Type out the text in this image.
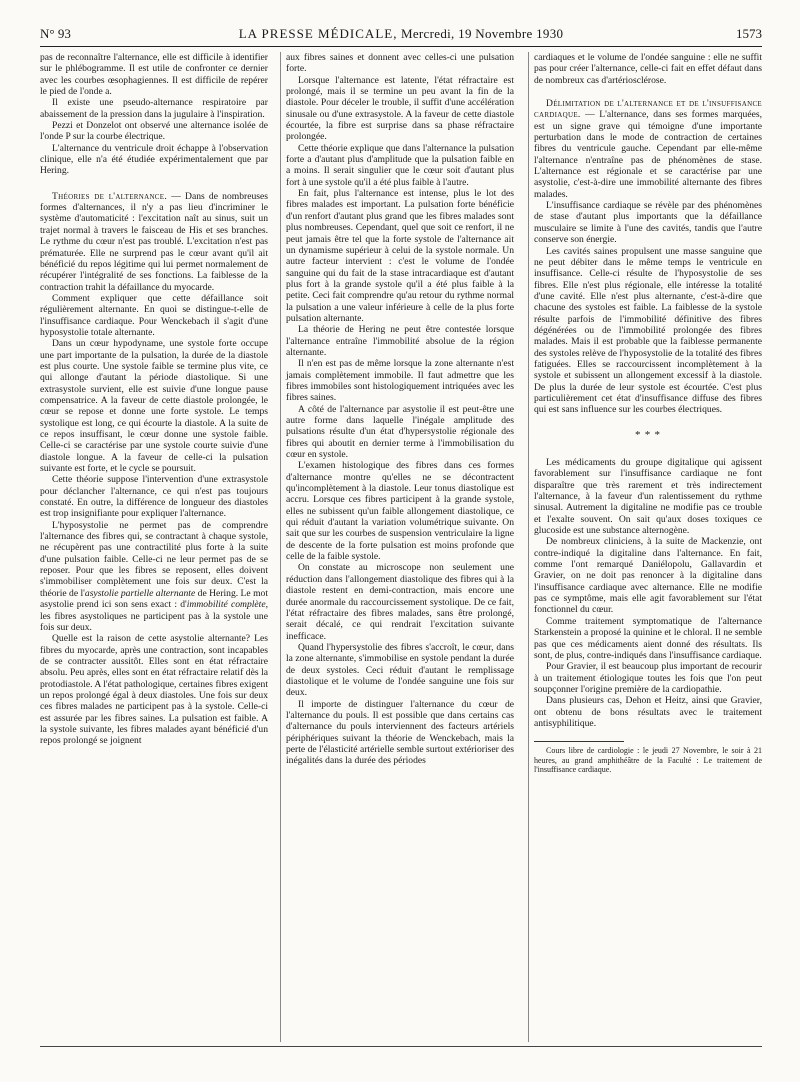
N° 93	LA PRESSE MÉDICALE, Mercredi, 19 Novembre 1930	1573

pas de reconnaître l'alternance, elle est difficile à identifier sur le phlébogramme. Il est utile de confronter ce dernier avec les courbes œsophagiennes. Il est difficile de repérer le pied de l'onde a.

Il existe une pseudo-alternance respiratoire par abaissement de la pression dans la jugulaire à l'inspiration.

Pezzi et Donzelot ont observé une alternance isolée de l'onde P sur la courbe électrique.

L'alternance du ventricule droit échappe à l'observation clinique, elle n'a été étudiée expérimentalement que par Hering.

Théories de l'alternance. — Dans de nombreuses formes d'alternances, il n'y a pas lieu d'incriminer le système d'automaticité : l'excitation naît au sinus, suit un trajet normal à travers le faisceau de His et ses branches. Le rythme du cœur n'est pas troublé. L'excitation n'est pas prématurée. Elle ne surprend pas le cœur avant qu'il ait bénéficié du repos légitime qui lui permet normalement de récupérer l'intégralité de ses fonctions. La faiblesse de la contraction trahit la défaillance du myocarde.

Comment expliquer que cette défaillance soit régulièrement alternante. En quoi se distingue-t-elle de l'insuffisance cardiaque. Pour Wenckebach il s'agit d'une hyposystolie totale alternante.

Dans un cœur hypodyname, une systole forte occupe une part importante de la pulsation, la durée de la diastole est plus courte. Une systole faible se termine plus vite, ce qui allonge d'autant la période diastolique. Si une extrasystole survient, elle est suivie d'une longue pause compensatrice. A la faveur de cette diastole prolongée, le cœur se repose et donne une forte systole. Le temps systolique est long, ce qui écourte la diastole. A la suite de ce repos insuffisant, le cœur donne une systole faible. Celle-ci se caractérise par une systole courte suivie d'une diastole longue. A la faveur de celle-ci la pulsation suivante est forte, et le cycle se poursuit.

Cette théorie suppose l'intervention d'une extrasystole pour déclancher l'alternance, ce qui n'est pas toujours constaté. En outre, la différence de longueur des diastoles est trop insignifiante pour expliquer l'alternance.

L'hyposystolie ne permet pas de comprendre l'alternance des fibres qui, se contractant à chaque systole, ne récupèrent pas une contractilité plus forte à la suite d'une pulsation faible. Celle-ci ne leur permet pas de se reposer. Pour que les fibres se reposent, elles doivent s'immobiliser complètement une fois sur deux. C'est la théorie de l'asystolie partielle alternante de Hering. Le mot asystolie prend ici son sens exact : d'immobilité complète, les fibres asystoliques ne participent pas à la systole une fois sur deux.

Quelle est la raison de cette asystolie alternante? Les fibres du myocarde, après une contraction, sont incapables de se contracter aussitôt. Elles sont en état réfractaire absolu. Peu après, elles sont en état réfractaire relatif dès la protodiastole. A l'état pathologique, certaines fibres exigent un repos prolongé égal à deux diastoles. Une fois sur deux ces fibres malades ne participent pas à la systole. Celle-ci est assurée par les fibres saines. La pulsation est faible. A la systole suivante, les fibres malades ayant bénéficié d'un repos prolongé se joignent

aux fibres saines et donnent avec celles-ci une pulsation forte.

Lorsque l'alternance est latente, l'état réfractaire est prolongé, mais il se termine un peu avant la fin de la diastole. Pour déceler le trouble, il suffit d'une accélération sinusale ou d'une extrasystole. A la faveur de cette diastole écourtée, la fibre est surprise dans sa phase réfractaire prolongée.

Cette théorie explique que dans l'alternance la pulsation forte a d'autant plus d'amplitude que la pulsation faible en a moins. Il serait singulier que le cœur soit d'autant plus fort à une systole qu'il a été plus faible à l'autre.

En fait, plus l'alternance est intense, plus le lot des fibres malades est important. La pulsation forte bénéficie d'un renfort d'autant plus grand que les fibres malades sont plus nombreuses. Cependant, quel que soit ce renfort, il ne peut jamais être tel que la forte systole de l'alternance ait un dynamisme supérieur à celui de la systole normale. Un autre facteur intervient : c'est le volume de l'ondée sanguine qui du fait de la stase intracardiaque est d'autant plus fort à la grande systole qu'il a été plus faible à la petite. Ceci fait comprendre qu'au retour du rythme normal la pulsation a une valeur inférieure à celle de la plus forte pulsation alternante.

La théorie de Hering ne peut être contestée lorsque l'alternance entraîne l'immobilité absolue de la région alternante.

Il n'en est pas de même lorsque la zone alternante n'est jamais complètement immobile. Il faut admettre que les fibres immobiles sont histologiquement intriquées avec les fibres saines.

A côté de l'alternance par asystolie il est peut-être une autre forme dans laquelle l'inégale amplitude des pulsations résulte d'un état d'hypersystolie régionale des fibres qui aboutit en dernier terme à l'immobilisation du cœur en systole.

L'examen histologique des fibres dans ces formes d'alternance montre qu'elles ne se décontractent qu'incomplètement à la diastole. Leur tonus diastolique est accru. Lorsque ces fibres participent à la grande systole, elles ne subissent qu'un faible allongement diastolique, ce qui réduit d'autant la variation volumétrique suivante. On sait que sur les courbes de suspension ventriculaire la ligne de descente de la forte pulsation est moins profonde que celle de la faible systole.

On constate au microscope non seulement une réduction dans l'allongement diastolique des fibres qui à la diastole restent en demi-contraction, mais encore une durée anormale du raccourcissement systolique. De ce fait, l'état réfractaire des fibres malades, sans être prolongé, serait décalé, ce qui rendrait l'excitation suivante inefficace.

Quand l'hypersystolie des fibres s'accroît, le cœur, dans la zone alternante, s'immobilise en systole pendant la durée de deux systoles. Ceci réduit d'autant le remplissage diastolique et le volume de l'ondée sanguine une fois sur deux.

Il importe de distinguer l'alternance du cœur de l'alternance du pouls. Il est possible que dans certains cas d'alternance du pouls interviennent des facteurs artériels périphériques suivant la théorie de Wenckebach, mais la perte de l'élasticité artérielle semble surtout extérioriser des inégalités dans la durée des périodes

cardiaques et le volume de l'ondée sanguine : elle ne suffit pas pour créer l'alternance, celle-ci fait en effet défaut dans de nombreux cas d'artériosclérose.

Délimitation de l'alternance et de l'insuffisance cardiaque. — L'alternance, dans ses formes marquées, est un signe grave qui témoigne d'une importante perturbation dans le mode de contraction de certaines fibres du ventricule gauche. Cependant par elle-même l'alternance n'entraîne pas de phénomènes de stase. L'alternance est régionale et se caractérise par une asystolie, c'est-à-dire une immobilité alternante des fibres malades.

L'insuffisance cardiaque se révèle par des phénomènes de stase d'autant plus importants que la défaillance musculaire se limite à l'une des cavités, tandis que l'autre conserve son énergie.

Les cavités saines propulsent une masse sanguine que ne peut débiter dans le même temps le ventricule en insuffisance. Celle-ci résulte de l'hyposystolie de ses fibres. Elle n'est plus régionale, elle intéresse la totalité d'une cavité. Elle n'est plus alternante, c'est-à-dire que chacune des systoles est faible. La faiblesse de la systole résulte parfois de l'immobilité définitive des fibres dégénérées ou de l'immobilité prolongée des fibres malades. Mais il est probable que la faiblesse permanente des systoles relève de l'hyposystolie de la totalité des fibres fatiguées. Elles se raccourcissent incomplètement à la systole et subissent un allongement excessif à la diastole. De plus la durée de leur systole est écourtée. C'est plus particulièrement cet état d'insuffisance diffuse des fibres qui est sans influence sur les courbes électriques.

* * *

Les médicaments du groupe digitalique qui agissent favorablement sur l'insuffisance cardiaque ne font disparaître que très rarement et très indirectement l'alternance, à la faveur d'un ralentissement du rythme sinusal. Autrement la digitaline ne modifie pas ce trouble et l'exalte souvent. On sait qu'aux doses toxiques ce glucoside est une substance alternogène.

De nombreux cliniciens, à la suite de Mackenzie, ont contre-indiqué la digitaline dans l'alternance. En fait, comme l'ont remarqué Daniélopolu, Gallavardin et Gravier, on ne doit pas renoncer à la digitaline dans l'insuffisance cardiaque avec alternance. Elle ne modifie pas ce symptôme, mais elle agit favorablement sur l'état fonctionnel du cœur.

Comme traitement symptomatique de l'alternance Starkenstein a proposé la quinine et le chloral. Il ne semble pas que ces médicaments aient donné des résultats. Ils sont, de plus, contre-indiqués dans l'insuffisance cardiaque.

Pour Gravier, il est beaucoup plus important de recourir à un traitement étiologique toutes les fois que l'on peut soupçonner l'origine première de la cardiopathie.

Dans plusieurs cas, Dehon et Heitz, ainsi que Gravier, ont obtenu de bons résultats avec le traitement antisyphilitique.

Cours libre de cardiologie : le jeudi 27 Novembre, le soir à 21 heures, au grand amphithéâtre de la Faculté : Le traitement de l'insuffisance cardiaque.
